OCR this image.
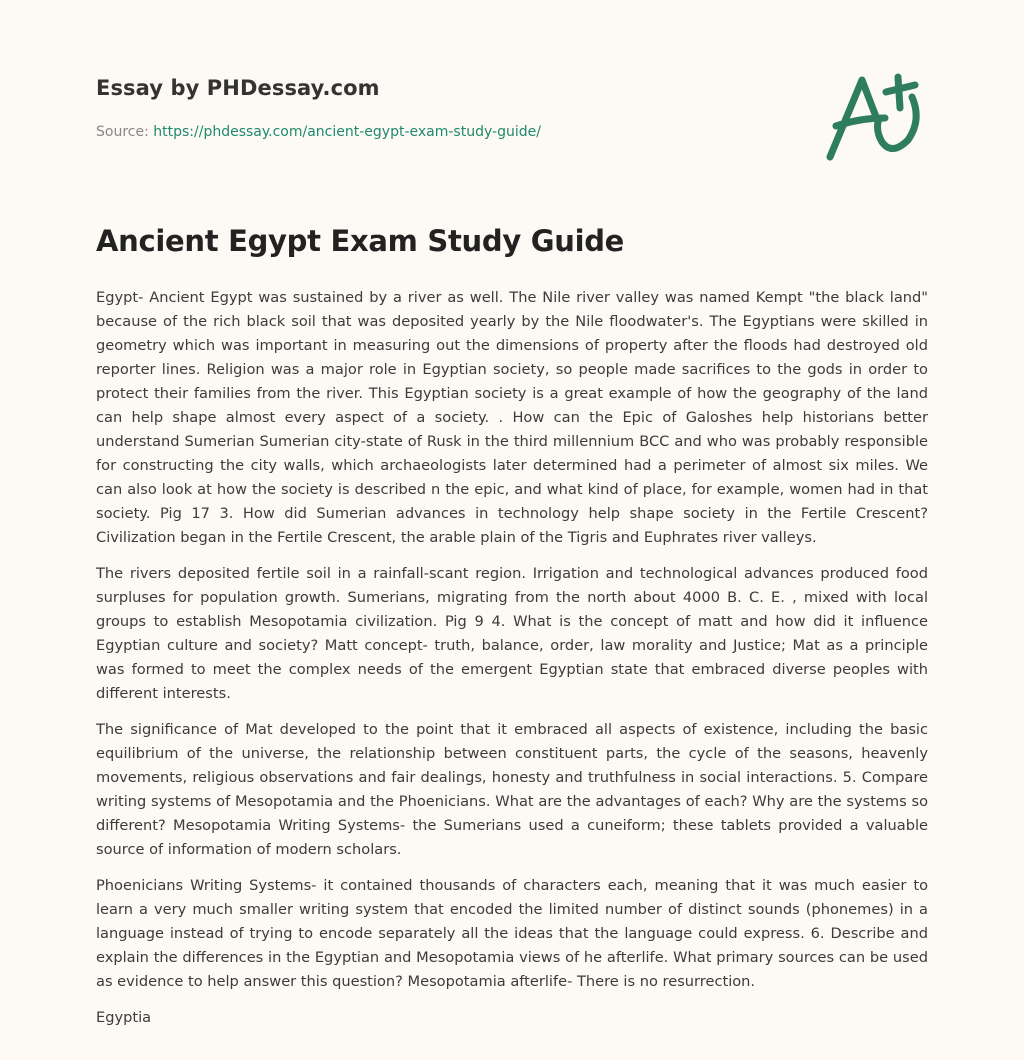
Essay by PHDessay.com
Source: https://phdessay.com/ancient-egypt-exam-study-guide/
Ancient Egypt Exam Study Guide

Egypt- Ancient Egypt was sustained by a river as well. The Nile river valley was named Kempt "the black land" because of the rich black soil that was deposited yearly by the Nile floodwater's. The Egyptians were skilled in geometry which was important in measuring out the dimensions of property after the floods had destroyed old reporter lines. Religion was a major role in Egyptian society, so people made sacrifices to the gods in order to protect their families from the river. This Egyptian society is a great example of how the geography of the land can help shape almost every aspect of a society. . How can the Epic of Galoshes help historians better understand Sumerian Sumerian city-state of Rusk in the third millennium BCC and who was probably responsible for constructing the city walls, which archaeologists later determined had a perimeter of almost six miles. We can also look at how the society is described n the epic, and what kind of place, for example, women had in that society. Pig 17 3. How did Sumerian advances in technology help shape society in the Fertile Crescent? Civilization began in the Fertile Crescent, the arable plain of the Tigris and Euphrates river valleys.

The rivers deposited fertile soil in a rainfall-scant region. Irrigation and technological advances produced food surpluses for population growth. Sumerians, migrating from the north about 4000 B. C. E. , mixed with local groups to establish Mesopotamia civilization. Pig 9 4. What is the concept of matt and how did it influence Egyptian culture and society? Matt concept- truth, balance, order, law morality and Justice; Mat as a principle was formed to meet the complex needs of the emergent Egyptian state that embraced diverse peoples with different interests.

The significance of Mat developed to the point that it embraced all aspects of existence, including the basic equilibrium of the universe, the relationship between constituent parts, the cycle of the seasons, heavenly movements, religious observations and fair dealings, honesty and truthfulness in social interactions. 5. Compare writing systems of Mesopotamia and the Phoenicians. What are the advantages of each? Why are the systems so different? Mesopotamia Writing Systems- the Sumerians used a cuneiform; these tablets provided a valuable source of information of modern scholars.

Phoenicians Writing Systems- it contained thousands of characters each, meaning that it was much easier to learn a very much smaller writing system that encoded the limited number of distinct sounds (phonemes) in a language instead of trying to encode separately all the ideas that the language could express. 6. Describe and explain the differences in the Egyptian and Mesopotamia views of he afterlife. What primary sources can be used as evidence to help answer this question? Mesopotamia afterlife- There is no resurrection.

Egyptia
